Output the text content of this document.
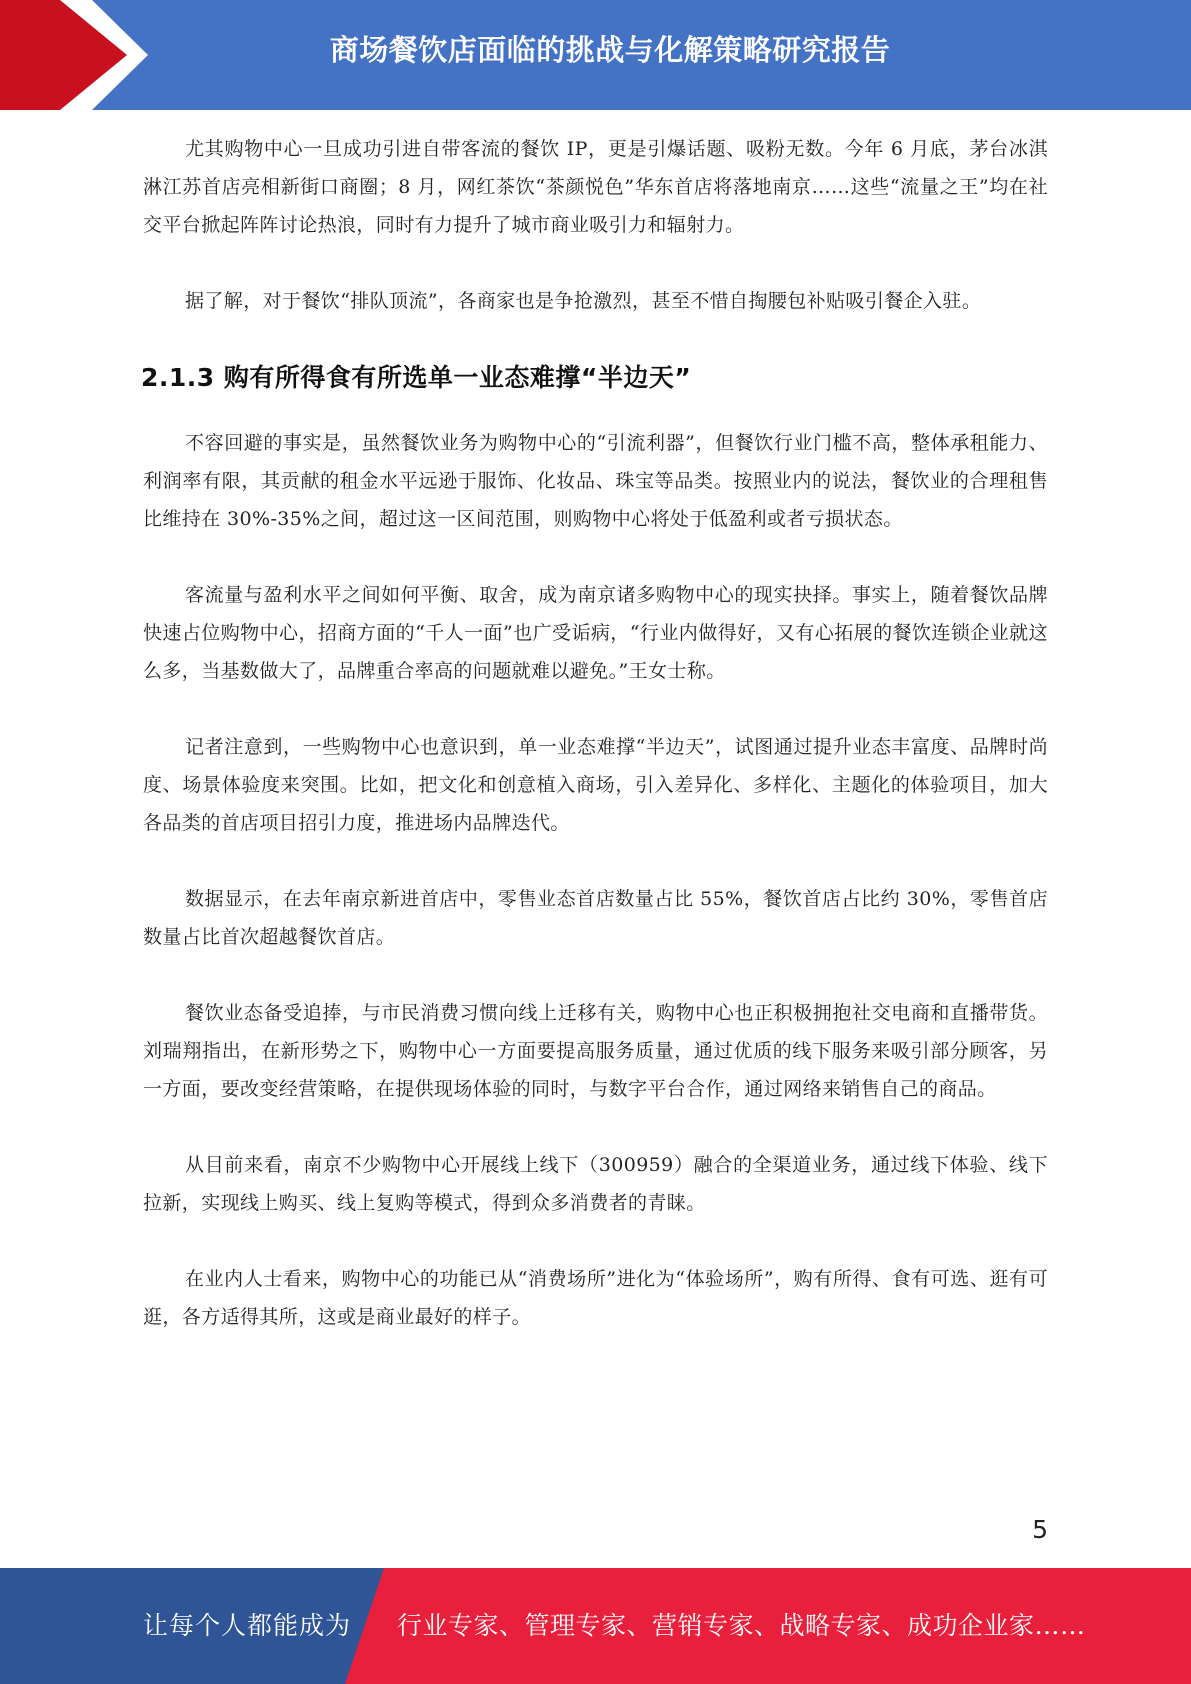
商场餐饮店面临的挑战与化解策略研究报告

尤其购物中心一旦成功引进自带客流的餐饮 IP，更是引爆话题、吸粉无数。今年 6 月底，茅台冰淇淋江苏首店亮相新街口商圈；8 月，网红茶饮“茶颜悦色”华东首店将落地南京……这些“流量之王”均在社交平台掀起阵阵讨论热浪，同时有力提升了城市商业吸引力和辐射力。

据了解，对于餐饮“排队顶流”，各商家也是争抢激烈，甚至不惜自掏腰包补贴吸引餐企入驻。

2.1.3 购有所得食有所选单一业态难撑“半边天”

不容回避的事实是，虽然餐饮业务为购物中心的“引流利器”，但餐饮行业门槛不高，整体承租能力、利润率有限，其贡献的租金水平远逊于服饰、化妆品、珠宝等品类。按照业内的说法，餐饮业的合理租售比维持在 30%-35%之间，超过这一区间范围，则购物中心将处于低盈利或者亏损状态。

客流量与盈利水平之间如何平衡、取舍，成为南京诸多购物中心的现实抉择。事实上，随着餐饮品牌快速占位购物中心，招商方面的“千人一面”也广受诟病，“行业内做得好，又有心拓展的餐饮连锁企业就这么多，当基数做大了，品牌重合率高的问题就难以避免。”王女士称。

记者注意到，一些购物中心也意识到，单一业态难撑“半边天”，试图通过提升业态丰富度、品牌时尚度、场景体验度来突围。比如，把文化和创意植入商场，引入差异化、多样化、主题化的体验项目，加大各品类的首店项目招引力度，推进场内品牌迭代。

数据显示，在去年南京新进首店中，零售业态首店数量占比 55%，餐饮首店占比约 30%，零售首店数量占比首次超越餐饮首店。

餐饮业态备受追捧，与市民消费习惯向线上迁移有关，购物中心也正积极拥抱社交电商和直播带货。刘瑞翔指出，在新形势之下，购物中心一方面要提高服务质量，通过优质的线下服务来吸引部分顾客，另一方面，要改变经营策略，在提供现场体验的同时，与数字平台合作，通过网络来销售自己的商品。

从目前来看，南京不少购物中心开展线上线下（300959）融合的全渠道业务，通过线下体验、线下拉新，实现线上购买、线上复购等模式，得到众多消费者的青睐。

在业内人士看来，购物中心的功能已从“消费场所”进化为“体验场所”，购有所得、食有可选、逛有可逛，各方适得其所，这或是商业最好的样子。

5
让每个人都能成为 行业专家、管理专家、营销专家、战略专家、成功企业家……
